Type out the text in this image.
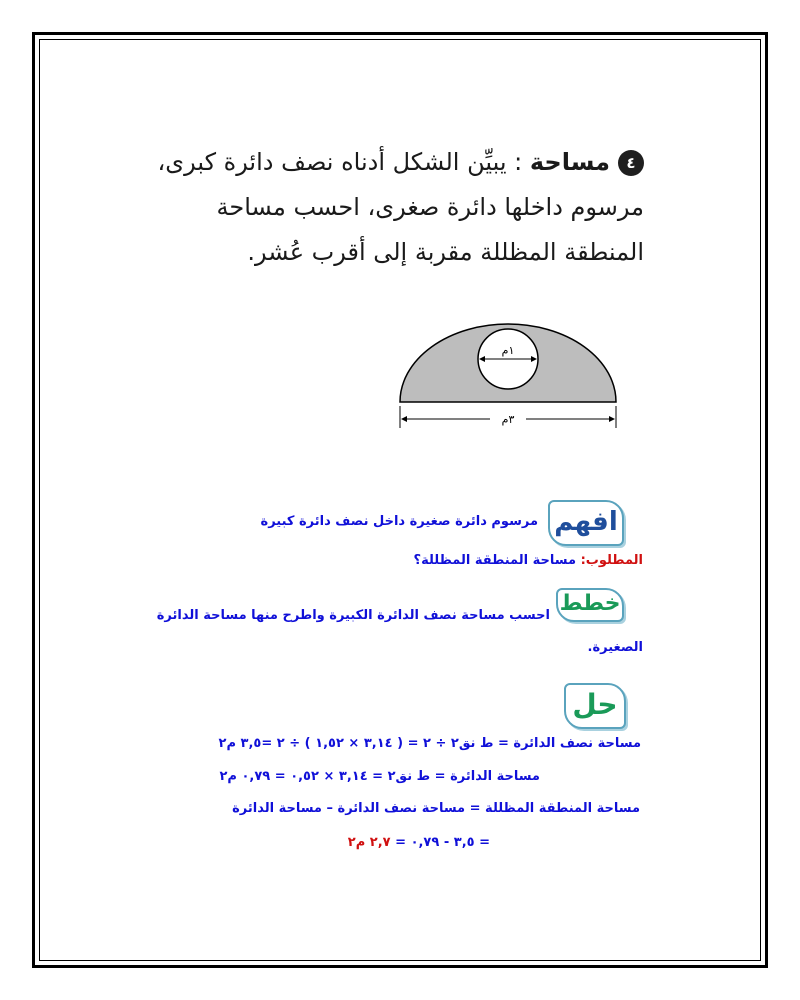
٤مساحة : يبيِّن الشكل أدناه نصف دائرة كبرى،
مرسوم داخلها دائرة صغرى، احسب مساحة
المنطقة المظللة مقربة إلى أقرب عُشر.
١م
٣م
افهم
مرسوم دائرة صغيرة داخل نصف دائرة كبيرة
المطلوب: مساحة المنطقة المظللة؟
خطط
احسب مساحة نصف الدائرة الكبيرة واطرح منها مساحة الدائرة
الصغيرة.
حل
مساحة نصف الدائرة = ط نق٢ ÷ ٢ = ( ٣,١٤ × ١,٥٢ ) ÷ ٢ =٣,٥ م٢
مساحة الدائرة = ط نق٢ = ٣,١٤ × ٠,٥٢ = ٠,٧٩ م٢
مساحة المنطقة المظللة = مساحة نصف الدائرة – مساحة الدائرة
= ٣,٥ - ٠,٧٩ = ٢,٧ م٢
